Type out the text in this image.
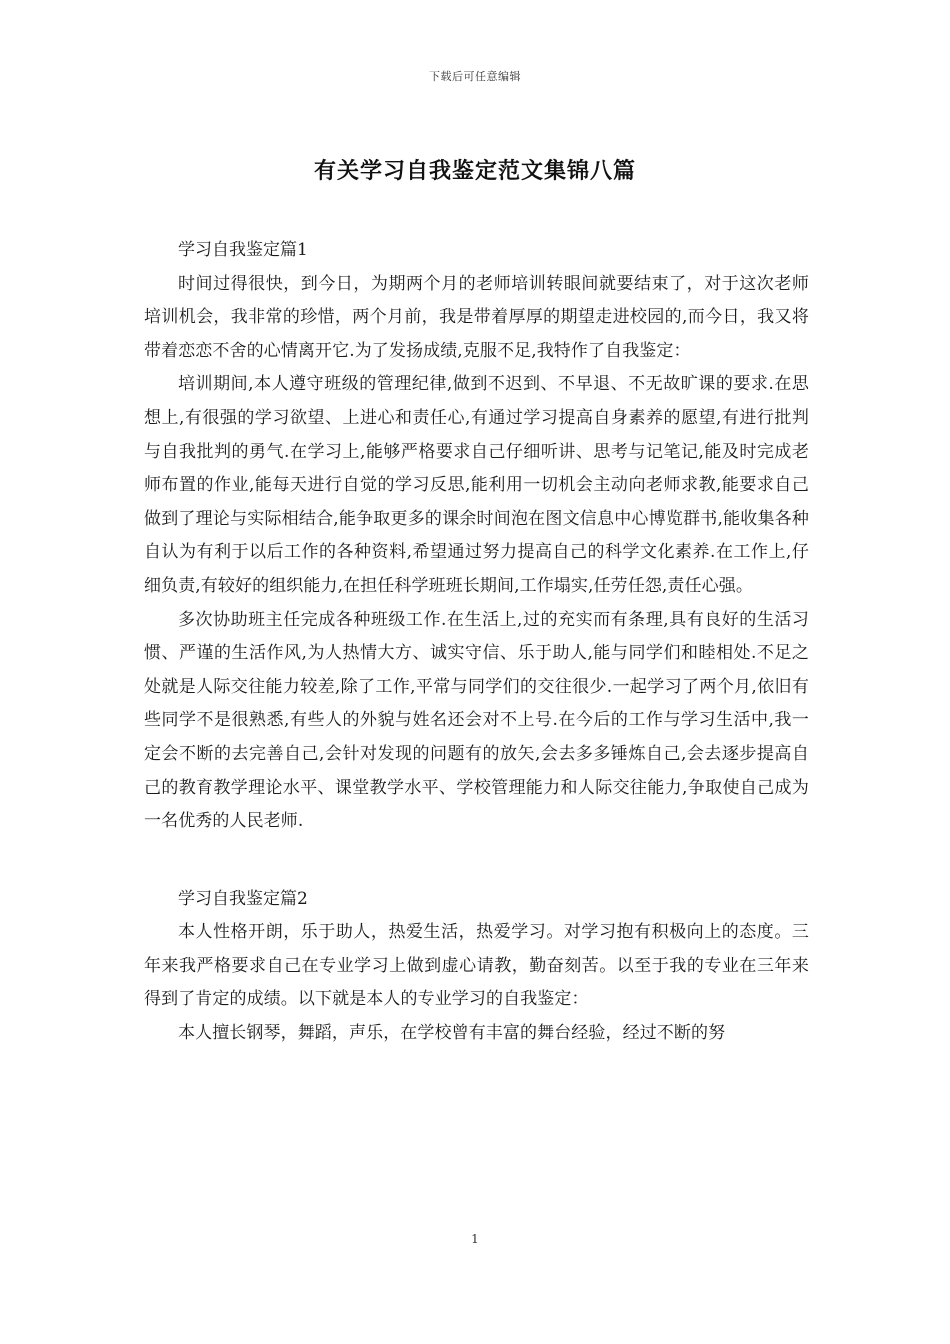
下载后可任意编辑
有关学习自我鉴定范文集锦八篇

学习自我鉴定篇1

时间过得很快，到今日，为期两个月的老师培训转眼间就要结束了，对于这次老师培训机会，我非常的珍惜，两个月前，我是带着厚厚的期望走进校园的,而今日，我又将带着恋恋不舍的心情离开它.为了发扬成绩,克服不足,我特作了自我鉴定：

培训期间,本人遵守班级的管理纪律,做到不迟到、不早退、不无故旷课的要求.在思想上,有很强的学习欲望、上进心和责任心,有通过学习提高自身素养的愿望,有进行批判与自我批判的勇气.在学习上,能够严格要求自己仔细听讲、思考与记笔记,能及时完成老师布置的作业,能每天进行自觉的学习反思,能利用一切机会主动向老师求教,能要求自己做到了理论与实际相结合,能争取更多的课余时间泡在图文信息中心博览群书,能收集各种自认为有利于以后工作的各种资料,希望通过努力提高自己的科学文化素养.在工作上,仔细负责,有较好的组织能力,在担任科学班班长期间,工作塌实,任劳任怨,责任心强。

多次协助班主任完成各种班级工作.在生活上,过的充实而有条理,具有良好的生活习惯、严谨的生活作风,为人热情大方、诚实守信、乐于助人,能与同学们和睦相处.不足之处就是人际交往能力较差,除了工作,平常与同学们的交往很少.一起学习了两个月,依旧有些同学不是很熟悉,有些人的外貌与姓名还会对不上号.在今后的工作与学习生活中,我一定会不断的去完善自己,会针对发现的问题有的放矢,会去多多锤炼自己,会去逐步提高自己的教育教学理论水平、课堂教学水平、学校管理能力和人际交往能力,争取使自己成为一名优秀的人民老师.

学习自我鉴定篇2

本人性格开朗，乐于助人，热爱生活，热爱学习。对学习抱有积极向上的态度。三年来我严格要求自己在专业学习上做到虚心请教，勤奋刻苦。以至于我的专业在三年来得到了肯定的成绩。以下就是本人的专业学习的自我鉴定：

本人擅长钢琴，舞蹈，声乐，在学校曾有丰富的舞台经验，经过不断的努

1
